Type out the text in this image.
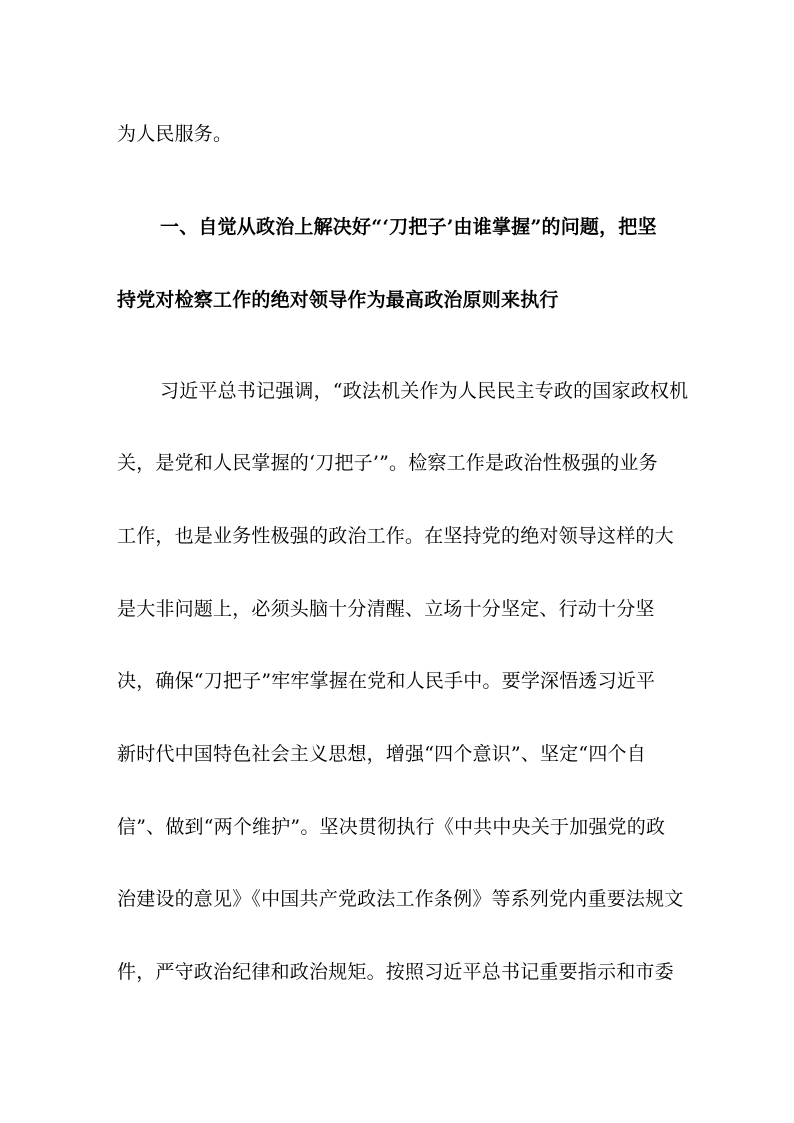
为人民服务。
一、自觉从政治上解决好“‘刀把子’由谁掌握”的问题，把坚
持党对检察工作的绝对领导作为最高政治原则来执行
习近平总书记强调，“政法机关作为人民民主专政的国家政权机
关，是党和人民掌握的‘刀把子’”。检察工作是政治性极强的业务
工作，也是业务性极强的政治工作。在坚持党的绝对领导这样的大
是大非问题上，必须头脑十分清醒、立场十分坚定、行动十分坚
决，确保“刀把子”牢牢掌握在党和人民手中。要学深悟透习近平
新时代中国特色社会主义思想，增强“四个意识”、坚定“四个自
信”、做到“两个维护”。坚决贯彻执行《中共中央关于加强党的政
治建设的意见》《中国共产党政法工作条例》等系列党内重要法规文
件，严守政治纪律和政治规矩。按照习近平总书记重要指示和市委
